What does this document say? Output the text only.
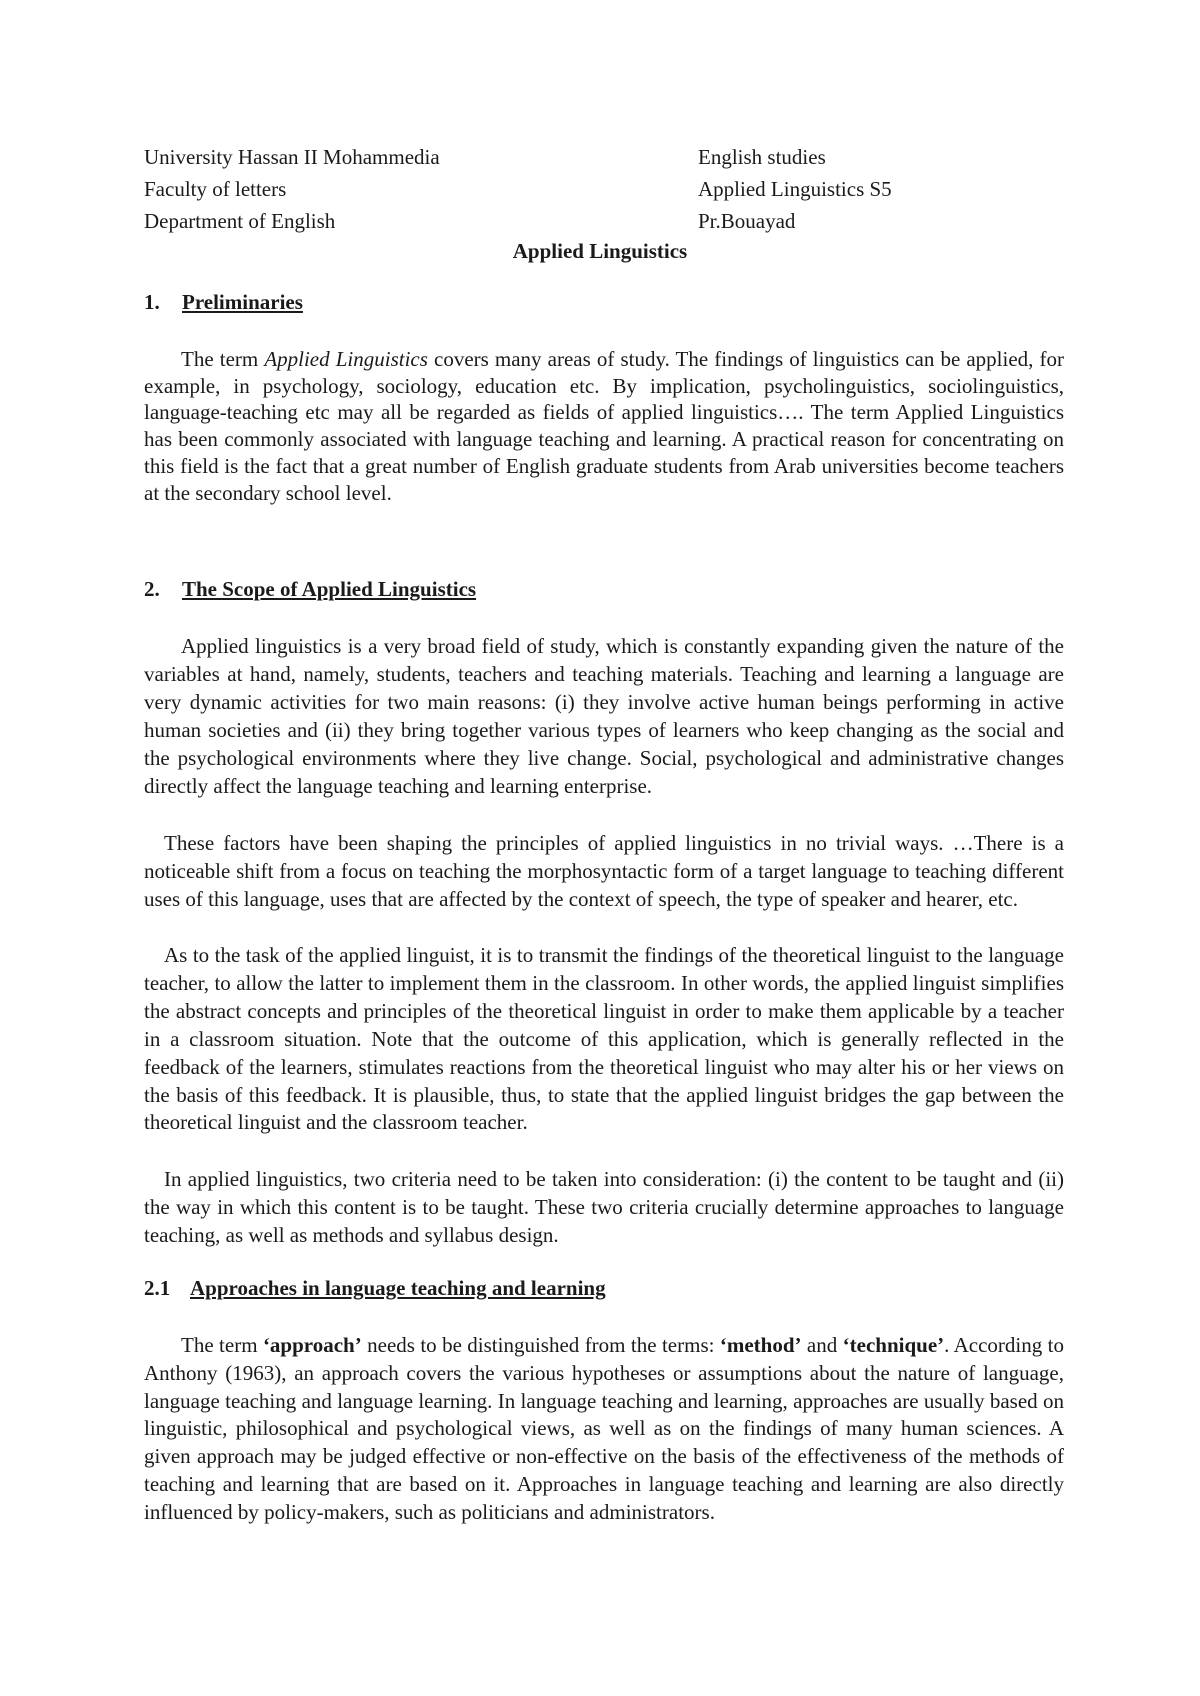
University Hassan II Mohammedia
Faculty of letters
Department of English
English studies
Applied Linguistics S5
Pr.Bouayad
Applied Linguistics
1. Preliminaries

The term Applied Linguistics covers many areas of study. The findings of linguistics can be applied, for example, in psychology, sociology, education etc. By implication, psycholinguistics, sociolinguistics, language-teaching etc may all be regarded as fields of applied linguistics…. The term Applied Linguistics has been commonly associated with language teaching and learning. A practical reason for concentrating on this field is the fact that a great number of English graduate students from Arab universities become teachers at the secondary school level.

2. The Scope of Applied Linguistics

Applied linguistics is a very broad field of study, which is constantly expanding given the nature of the variables at hand, namely, students, teachers and teaching materials. Teaching and learning a language are very dynamic activities for two main reasons: (i) they involve active human beings performing in active human societies and (ii) they bring together various types of learners who keep changing as the social and the psychological environments where they live change. Social, psychological and administrative changes directly affect the language teaching and learning enterprise.

These factors have been shaping the principles of applied linguistics in no trivial ways. …There is a noticeable shift from a focus on teaching the morphosyntactic form of a target language to teaching different uses of this language, uses that are affected by the context of speech, the type of speaker and hearer, etc.

As to the task of the applied linguist, it is to transmit the findings of the theoretical linguist to the language teacher, to allow the latter to implement them in the classroom. In other words, the applied linguist simplifies the abstract concepts and principles of the theoretical linguist in order to make them applicable by a teacher in a classroom situation. Note that the outcome of this application, which is generally reflected in the feedback of the learners, stimulates reactions from the theoretical linguist who may alter his or her views on the basis of this feedback. It is plausible, thus, to state that the applied linguist bridges the gap between the theoretical linguist and the classroom teacher.

In applied linguistics, two criteria need to be taken into consideration: (i) the content to be taught and (ii) the way in which this content is to be taught. These two criteria crucially determine approaches to language teaching, as well as methods and syllabus design.

2.1 Approaches in language teaching and learning

The term ‘approach’ needs to be distinguished from the terms: ‘method’ and ‘technique’. According to Anthony (1963), an approach covers the various hypotheses or assumptions about the nature of language, language teaching and language learning. In language teaching and learning, approaches are usually based on linguistic, philosophical and psychological views, as well as on the findings of many human sciences. A given approach may be judged effective or non-effective on the basis of the effectiveness of the methods of teaching and learning that are based on it. Approaches in language teaching and learning are also directly influenced by policy-makers, such as politicians and administrators.
